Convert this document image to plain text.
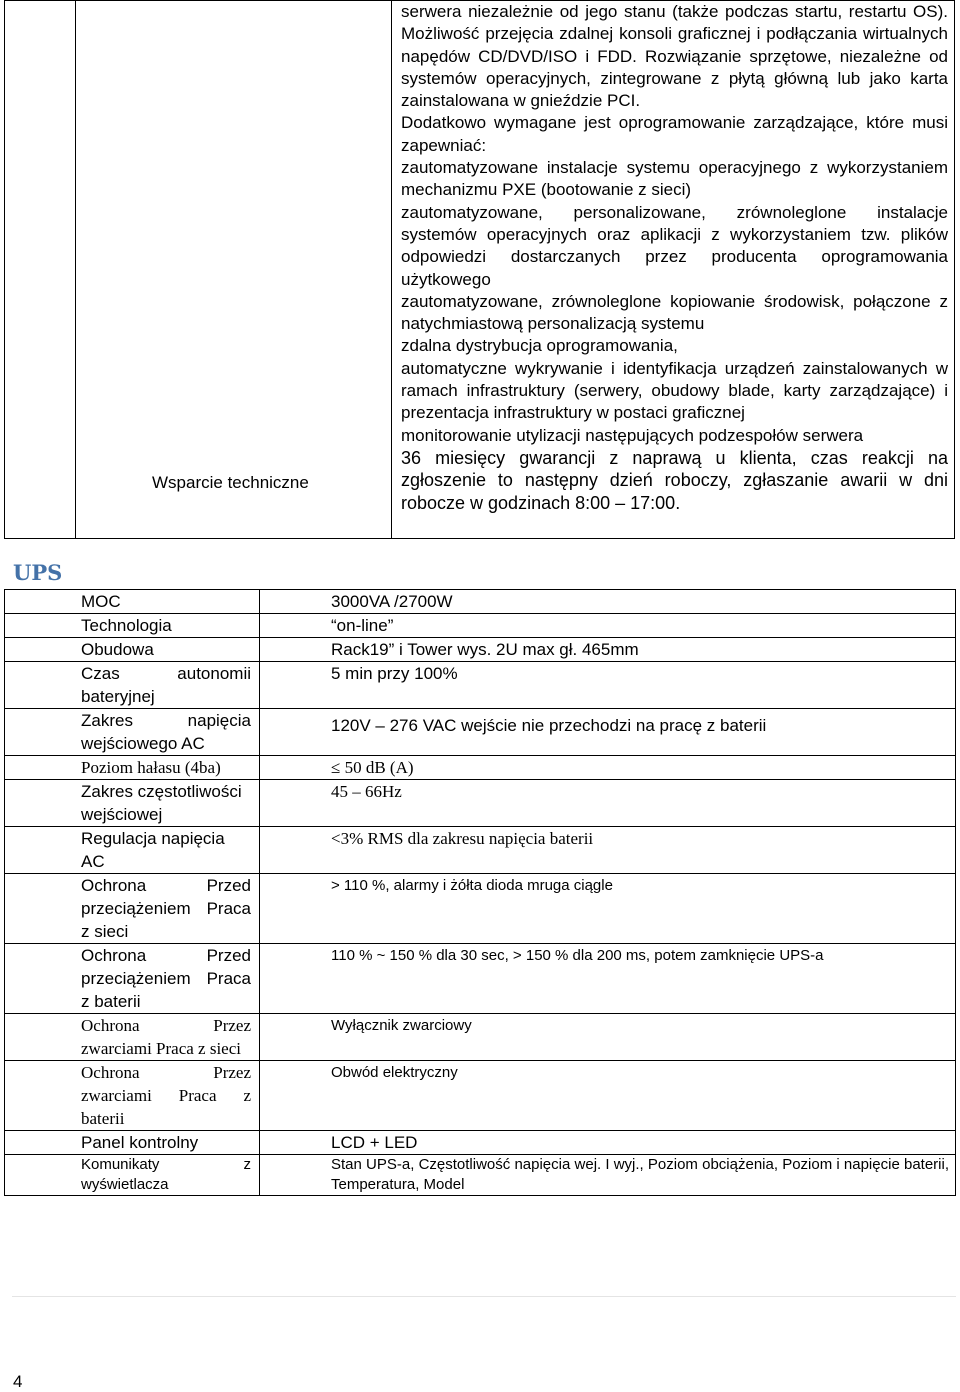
	Wsparcie techniczne	

serwera niezależnie od jego stanu (także podczas startu, restartu OS). Możliwość przejęcia zdalnej konsoli graficznej i podłączania wirtualnych napędów CD/DVD/ISO i FDD. Rozwiązanie sprzętowe, niezależne od systemów operacyjnych, zintegrowane z płytą główną lub jako karta zainstalowana w gnieździe PCI.

Dodatkowo wymagane jest oprogramowanie zarządzające, które musi zapewniać:

zautomatyzowane instalacje systemu operacyjnego z wykorzystaniem mechanizmu PXE (bootowanie z sieci)

zautomatyzowane, personalizowane, zrównoleglone instalacje systemów operacyjnych oraz aplikacji z wykorzystaniem tzw. plików odpowiedzi dostarczanych przez producenta oprogramowania użytkowego

zautomatyzowane, zrównoleglone kopiowanie środowisk, połączone z natychmiastową personalizacją systemu

zdalna dystrybucja oprogramowania,

automatyczne wykrywanie i identyfikacja urządzeń zainstalowanych w ramach infrastruktury (serwery, obudowy blade, karty zarządzające) i prezentacja infrastruktury w postaci graficznej

monitorowanie utylizacji następujących podzespołów serwera

36 miesięcy gwarancji z naprawą u klienta, czas reakcji na zgłoszenie to następny dzień roboczy, zgłaszanie awarii w dni robocze w godzinach 8:00 – 17:00.

UPS
MOC	3000VA /2700W
Technologia	“on-line”
Obudowa	Rack19” i Tower wys. 2U max gł. 465mm
Czas autonomii bateryjnej	5 min przy 100%
Zakres napięcia wejściowego AC	120V – 276 VAC wejście nie przechodzi na pracę z baterii
Poziom hałasu (4ba)	≤ 50 dB (A)
Zakres częstotliwości wejściowej	45 – 66Hz
Regulacja napięcia AC	<3% RMS dla zakresu napięcia baterii
Ochrona Przed przeciążeniem Praca z sieci	> 110 %, alarmy i żółta dioda mruga ciągle
Ochrona Przed przeciążeniem Praca z baterii	110 % ~ 150 % dla 30 sec, > 150 % dla 200 ms, potem zamknięcie UPS-a
Ochrona Przez zwarciami Praca z sieci	Wyłącznik zwarciowy
Ochrona Przez zwarciami Praca z baterii	Obwód elektryczny
Panel kontrolny	LCD + LED
Komunikaty z wyświetlacza	Stan UPS-a, Częstotliwość napięcia wej. I wyj., Poziom obciążenia, Poziom i napięcie baterii, Temperatura, Model
4
